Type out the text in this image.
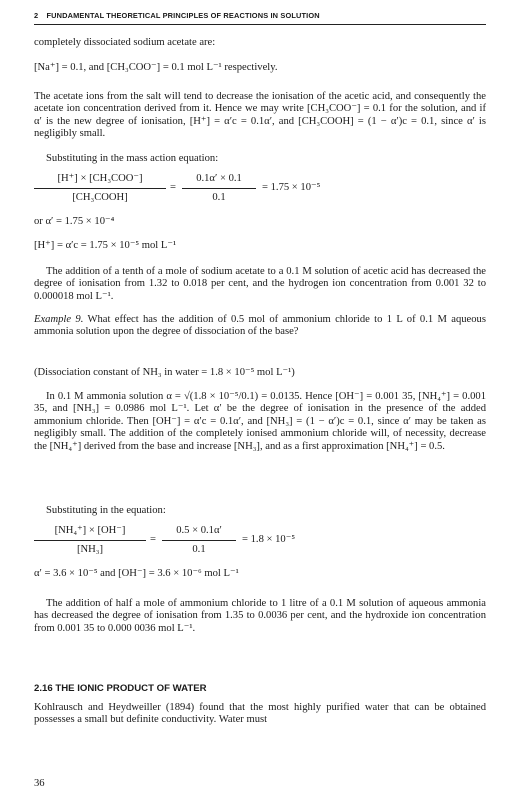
2 FUNDAMENTAL THEORETICAL PRINCIPLES OF REACTIONS IN SOLUTION

completely dissociated sodium acetate are:

[Na⁺] = 0.1, and [CH₃COO⁻] = 0.1 mol L⁻¹ respectively.

The acetate ions from the salt will tend to decrease the ionisation of the acetic acid, and consequently the acetate ion concentration derived from it. Hence we may write [CH₃COO⁻] = 0.1 for the solution, and if α′ is the new degree of ionisation, [H⁺] = α′c = 0.1α′, and [CH₃COOH] = (1 − α′)c = 0.1, since α′ is negligibly small.

Substituting in the mass action equation:

[H⁺] × [CH₃COO⁻]
[CH₃COOH]
=
0.1α′ × 0.1
0.1
= 1.75 × 10⁻⁵
or α′ = 1.75 × 10⁻⁴
[H⁺] = α′c = 1.75 × 10⁻⁵ mol L⁻¹

The addition of a tenth of a mole of sodium acetate to a 0.1 M solution of acetic acid has decreased the degree of ionisation from 1.32 to 0.018 per cent, and the hydrogen ion concentration from 0.001 32 to 0.000018 mol L⁻¹.

Example 9. What effect has the addition of 0.5 mol of ammonium chloride to 1 L of 0.1 M aqueous ammonia solution upon the degree of dissociation of the base?

(Dissociation constant of NH₃ in water = 1.8 × 10⁻⁵ mol L⁻¹)

In 0.1 M ammonia solution α = √(1.8 × 10⁻⁵/0.1) = 0.0135. Hence [OH⁻] = 0.001 35, [NH₄⁺] = 0.001 35, and [NH₃] = 0.0986 mol L⁻¹. Let α′ be the degree of ionisation in the presence of the added ammonium chloride. Then [OH⁻] = α′c = 0.1α′, and [NH₃] = (1 − α′)c = 0.1, since α′ may be taken as negligibly small. The addition of the completely ionised ammonium chloride will, of necessity, decrease the [NH₄⁺] derived from the base and increase [NH₃], and as a first approximation [NH₄⁺] = 0.5.

Substituting in the equation:

[NH₄⁺] × [OH⁻]
[NH₃]
=
0.5 × 0.1α′
0.1
= 1.8 × 10⁻⁵
α′ = 3.6 × 10⁻⁵ and [OH⁻] = 3.6 × 10⁻⁶ mol L⁻¹

The addition of half a mole of ammonium chloride to 1 litre of a 0.1 M solution of aqueous ammonia has decreased the degree of ionisation from 1.35 to 0.0036 per cent, and the hydroxide ion concentration from 0.001 35 to 0.000 0036 mol L⁻¹.

2.16 THE IONIC PRODUCT OF WATER

Kohlrausch and Heydweiller (1894) found that the most highly purified water that can be obtained possesses a small but definite conductivity. Water must

36
